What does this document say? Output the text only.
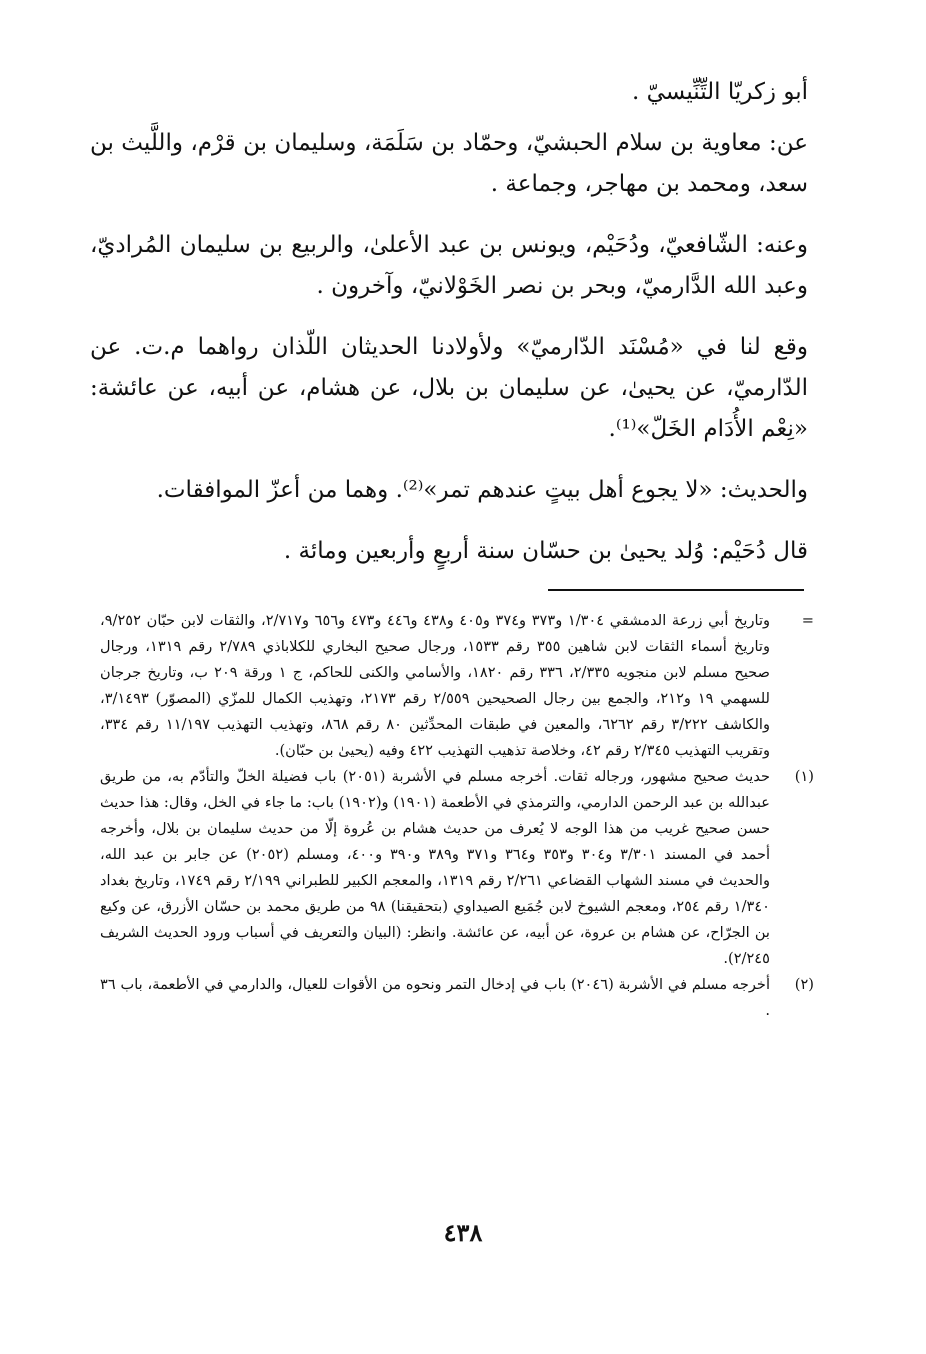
أبو زكريّا التِّنِّيسيّ .

عن: معاوية بن سلام الحبشيّ، وحمّاد بن سَلَمَة، وسليمان بن قرْم، واللَّيث بن سعد، ومحمد بن مهاجر، وجماعة .

وعنه: الشّافعيّ، ودُحَيْم، ويونس بن عبد الأعلىٰ، والربيع بن سليمان المُراديّ، وعبد الله الدَّارميّ، وبحر بن نصر الخَوْلانيّ، وآخرون .

وقع لنا في «مُسْنَد الدّارميّ» ولأولادنا الحديثان اللّذان رواهما م.ت. عن الدّارميّ، عن يحيىٰ، عن سليمان بن بلال، عن هشام، عن أبيه، عن عائشة: «نِعْم الأُدَام الخَلّ»⁽¹⁾.

والحديث: «لا يجوع أهل بيتٍ عندهم تمر»⁽²⁾. وهما من أعزّ الموافقات.

قال دُحَيْم: وُلد يحيىٰ بن حسّان سنة أربعٍ وأربعين ومائة .

=
وتاريخ أبي زرعة الدمشقي ١/٣٠٤ و٣٧٣ و٣٧٤ و٤٠٥ و٤٣٨ و٤٤٦ و٤٧٣ و٦٥٦ و٢/٧١٧، والثقات لابن حبّان ٩/٢٥٢، وتاريخ أسماء الثقات لابن شاهين ٣٥٥ رقم ١٥٣٣، ورجال صحيح البخاري للكلاباذي ٢/٧٨٩ رقم ١٣١٩، ورجال صحيح مسلم لابن منجويه ٢/٣٣٥، ٣٣٦ رقم ١٨٢٠، والأسامي والكنى للحاكم، ج ١ ورقة ٢٠٩ ب، وتاريخ جرجان للسهمي ١٩ و٢١٢، والجمع بين رجال الصحيحين ٢/٥٥٩ رقم ٢١٧٣، وتهذيب الكمال للمزّي (المصوّر) ٣/١٤٩٣، والكاشف ٣/٢٢٢ رقم ٦٢٦٢، والمعين في طبقات المحدِّثين ٨٠ رقم ٨٦٨، وتهذيب التهذيب ١١/١٩٧ رقم ٣٣٤، وتقريب التهذيب ٢/٣٤٥ رقم ٤٢، وخلاصة تذهيب التهذيب ٤٢٢ وفيه (يحيىٰ بن حبّان).
(١)
حديث صحيح مشهور، ورجاله ثقات. أخرجه مسلم في الأشربة (٢٠٥١) باب فضيلة الخلّ والتأدّم به، من طريق عبدالله بن عبد الرحمن الدارمي، والترمذي في الأطعمة (١٩٠١) و(١٩٠٢) باب: ما جاء في الخل، وقال: هذا حديث حسن صحيح غريب من هذا الوجه لا يُعرف من حديث هشام بن عُروة إلّا من حديث سليمان بن بلال، وأخرجه أحمد في المسند ٣/٣٠١ و٣٠٤ و٣٥٣ و٣٦٤ و٣٧١ و٣٨٩ و٣٩٠ و٤٠٠، ومسلم (٢٠٥٢) عن جابر بن عبد الله، والحديث في مسند الشهاب القضاعي ٢/٢٦١ رقم ١٣١٩، والمعجم الكبير للطبراني ٢/١٩٩ رقم ١٧٤٩، وتاريخ بغداد ١/٣٤٠ رقم ٢٥٤، ومعجم الشيوخ لابن جُمَيع الصيداوي (بتحقيقنا) ٩٨ من طريق محمد بن حسّان الأزرق، عن وكيع بن الجرّاح، عن هشام بن عروة، عن أبيه، عن عائشة. وانظر: (البيان والتعريف في أسباب ورود الحديث الشريف ٢/٢٤٥).
(٢)
أخرجه مسلم في الأشربة (٢٠٤٦) باب في إدخال التمر ونحوه من الأقوات للعيال، والدارمي في الأطعمة، باب ٣٦ .
٤٣٨
